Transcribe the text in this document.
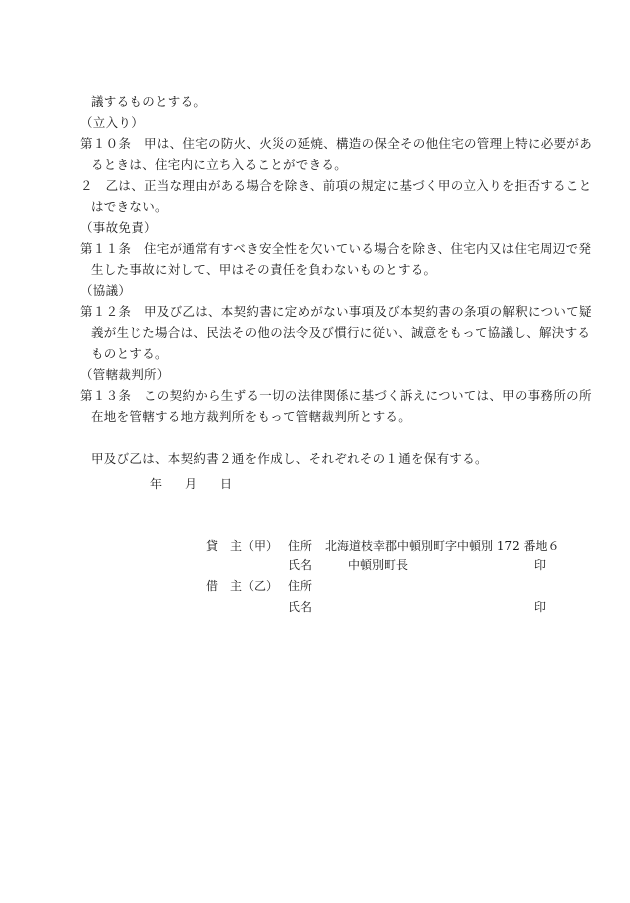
議するものとする。
（立入り）
第１０条　甲は、住宅の防火、火災の延焼、構造の保全その他住宅の管理上特に必要があ
るときは、住宅内に立ち入ることができる。
２　乙は、正当な理由がある場合を除き、前項の規定に基づく甲の立入りを拒否すること
はできない。
（事故免責）
第１１条　住宅が通常有すべき安全性を欠いている場合を除き、住宅内又は住宅周辺で発
生した事故に対して、甲はその責任を負わないものとする。
（協議）
第１２条　甲及び乙は、本契約書に定めがない事項及び本契約書の条項の解釈について疑
義が生じた場合は、民法その他の法令及び慣行に従い、誠意をもって協議し、解決する
ものとする。
（管轄裁判所）
第１３条　この契約から生ずる一切の法律関係に基づく訴えについては、甲の事務所の所
在地を管轄する地方裁判所をもって管轄裁判所とする。
甲及び乙は、本契約書２通を作成し、それぞれその１通を保有する。
年 月 日
貸　主（甲） 住所 北海道枝幸郡中頓別町字中頓別 172 番地６
氏名	中頓別町長	印
借　主（乙） 住所
氏名	印
